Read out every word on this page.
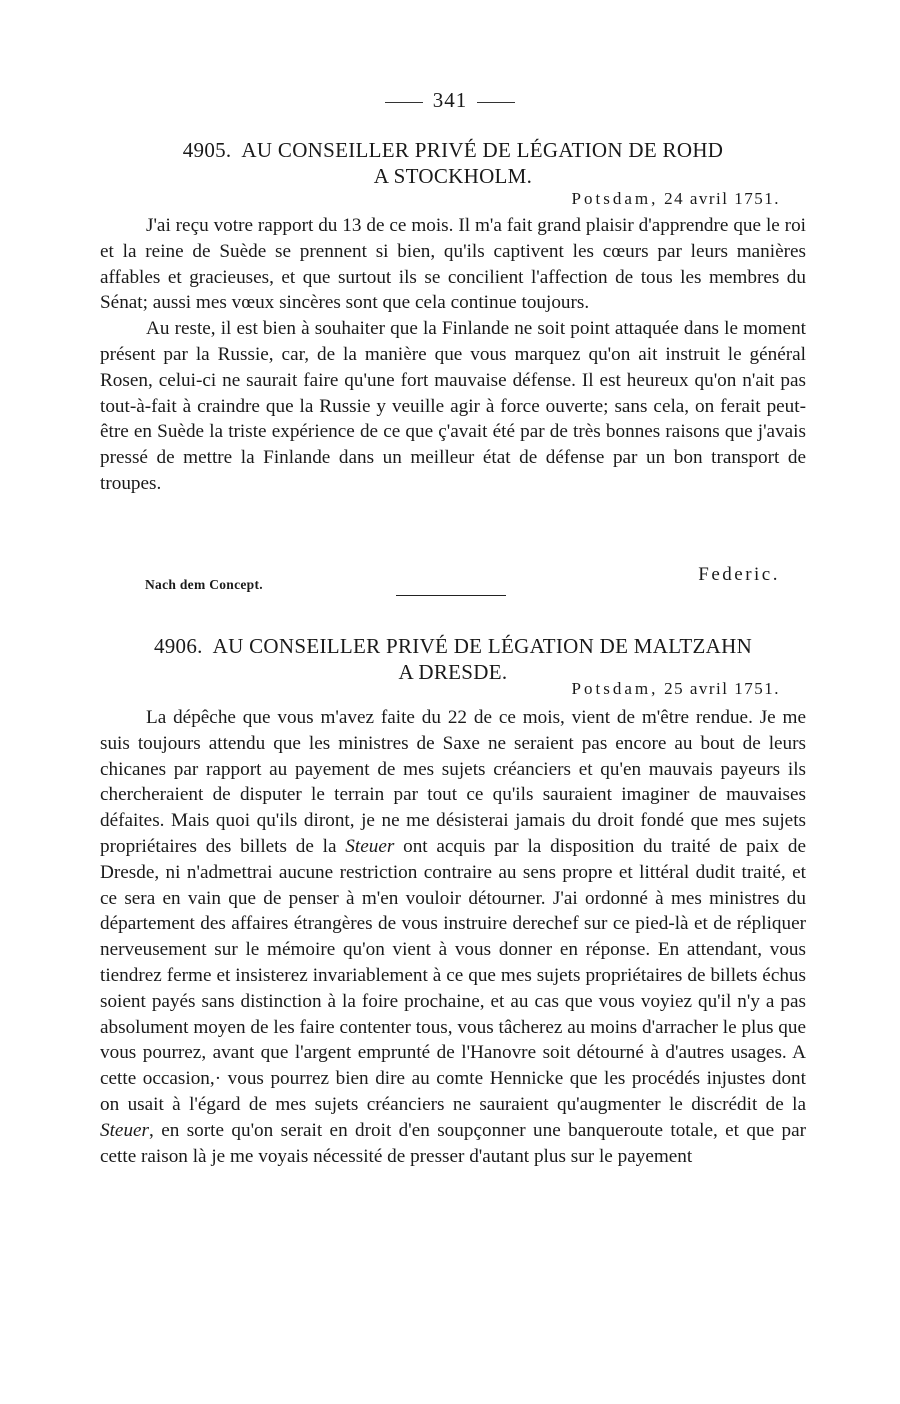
341
4905. AU CONSEILLER PRIVÉ DE LÉGATION DE ROHD
A STOCKHOLM.
Potsdam, 24 avril 1751.

J'ai reçu votre rapport du 13 de ce mois. Il m'a fait grand plaisir d'apprendre que le roi et la reine de Suède se prennent si bien, qu'ils captivent les cœurs par leurs manières affables et gracieuses, et que surtout ils se concilient l'affection de tous les membres du Sénat; aussi mes vœux sincères sont que cela continue toujours.

Au reste, il est bien à souhaiter que la Finlande ne soit point attaquée dans le moment présent par la Russie, car, de la manière que vous marquez qu'on ait instruit le général Rosen, celui-ci ne saurait faire qu'une fort mauvaise défense. Il est heureux qu'on n'ait pas tout-à-fait à craindre que la Russie y veuille agir à force ouverte; sans cela, on ferait peut-être en Suède la triste expérience de ce que ç'avait été par de très bonnes raisons que j'avais pressé de mettre la Finlande dans un meilleur état de défense par un bon transport de troupes.

Nach dem Concept.	Federic.
4906. AU CONSEILLER PRIVÉ DE LÉGATION DE MALTZAHN
A DRESDE.
Potsdam, 25 avril 1751.

La dépêche que vous m'avez faite du 22 de ce mois, vient de m'être rendue. Je me suis toujours attendu que les ministres de Saxe ne seraient pas encore au bout de leurs chicanes par rapport au payement de mes sujets créanciers et qu'en mauvais payeurs ils chercheraient de disputer le terrain par tout ce qu'ils sauraient imaginer de mauvaises défaites. Mais quoi qu'ils diront, je ne me désisterai jamais du droit fondé que mes sujets propriétaires des billets de la Steuer ont acquis par la disposition du traité de paix de Dresde, ni n'admettrai aucune restriction contraire au sens propre et littéral dudit traité, et ce sera en vain que de penser à m'en vouloir détourner. J'ai ordonné à mes ministres du département des affaires étrangères de vous instruire derechef sur ce pied-là et de répliquer nerveusement sur le mémoire qu'on vient à vous donner en réponse. En attendant, vous tiendrez ferme et insisterez invariablement à ce que mes sujets propriétaires de billets échus soient payés sans distinction à la foire prochaine, et au cas que vous voyiez qu'il n'y a pas absolument moyen de les faire contenter tous, vous tâcherez au moins d'arracher le plus que vous pourrez, avant que l'argent emprunté de l'Hanovre soit détourné à d'autres usages. A cette occasion,· vous pourrez bien dire au comte Hennicke que les procédés injustes dont on usait à l'égard de mes sujets créanciers ne sauraient qu'augmenter le discrédit de la Steuer, en sorte qu'on serait en droit d'en soupçonner une banqueroute totale, et que par cette raison là je me voyais nécessité de presser d'autant plus sur le payement
